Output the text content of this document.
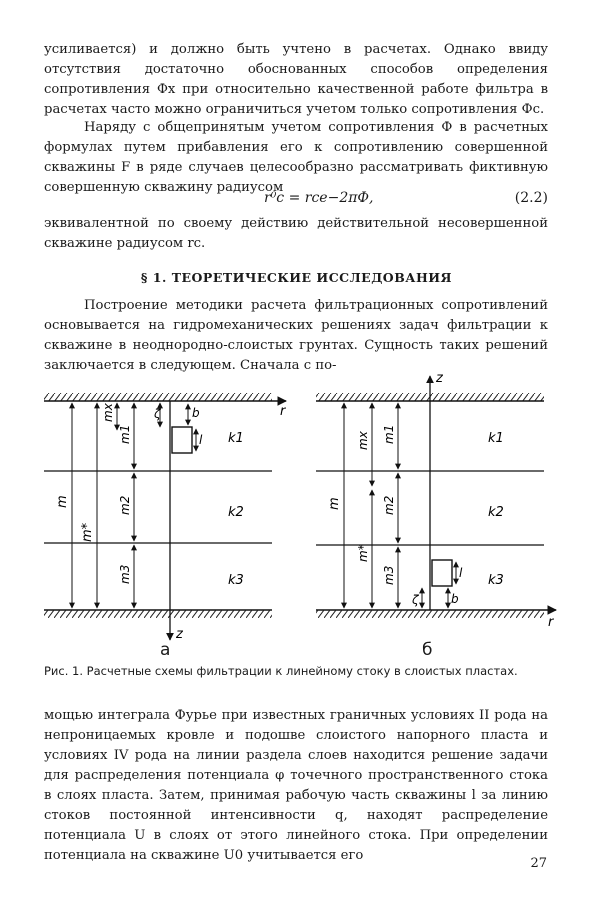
усиливается) и должно быть учтено в расчетах. Однако ввиду отсутствия достаточно обоснованных способов определения сопротивления Фx при относительно качественной работе фильтра в расчетах часто можно ограничиться учетом только сопротивления Фc.

Наряду с общепринятым учетом сопротивления Ф в расчетных формулах путем прибавления его к сопротивлению совершенной скважины F в ряде случаев целесообразно рассматривать фиктивную совершенную скважину радиусом

r⁰c = rce−2πФ,	(2.2)

эквивалентной по своему действию действительной несовершенной скважине радиусом rc.

§ 1. ТЕОРЕТИЧЕСКИЕ ИССЛЕДОВАНИЯ

Построение методики расчета фильтрационных сопротивлений основывается на гидромеханических решениях задач фильтрации к скважине в неоднородно-слоистых грунтах. Сущность таких решений заключается в следующем. Сначала с по-

r
z
m
m*
mx
m1
m2
m3
ζ
l
b
k1
k2
k3
r
z
m
mx
m*
m1
m2
m3
ζ
l
b
k1
k2
k3
a	б
Рис. 1. Расчетные схемы фильтрации к линейному стоку в слоистых пластах.

мощью интеграла Фурье при известных граничных условиях II рода на непроницаемых кровле и подошве слоистого напорного пласта и условиях IV рода на линии раздела слоев находится решение задачи для распределения потенциала φ точечного пространственного стока в слоях пласта. Затем, принимая рабочую часть скважины l за линию стоков постоянной интенсивности q, находят распределение потенциала U в слоях от этого линейного стока. При определении потенциала на скважине U0 учитывается его

27
